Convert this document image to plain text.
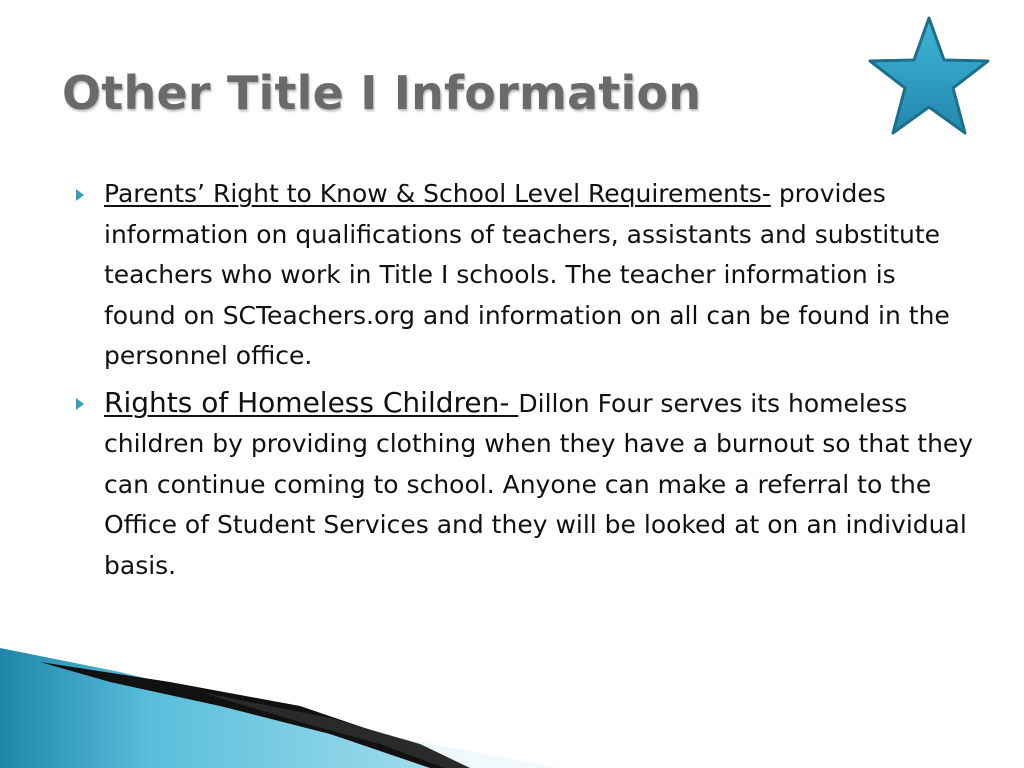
Other Title I Information
Parents’ Right to Know & School Level Requirements- provides information on qualifications of teachers, assistants and substitute teachers who work in Title I schools. The teacher information is found on SCTeachers.org and information on all can be found in the personnel office.
Rights of Homeless Children- Dillon Four serves its homeless children by providing clothing when they have a burnout so that they can continue coming to school. Anyone can make a referral to the Office of Student Services and they will be looked at on an individual basis.
